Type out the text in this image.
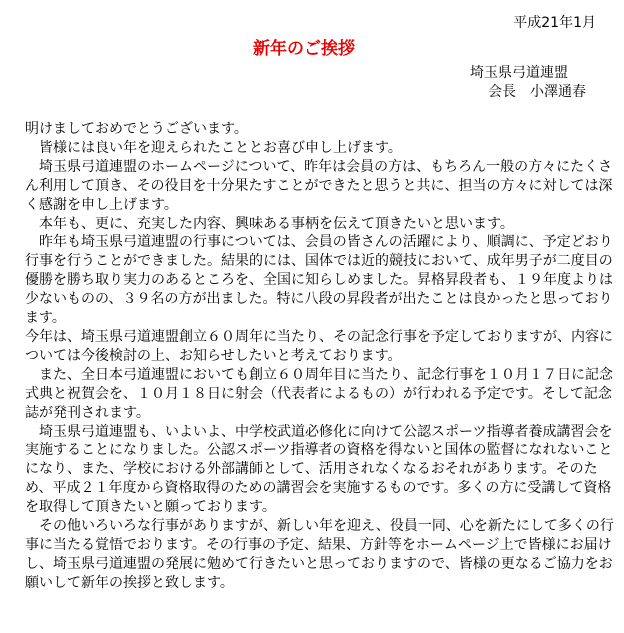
平成21年1月
新年のご挨拶
埼玉県弓道連盟
会長　小澤通春

明けましておめでとうございます。

　皆様には良い年を迎えられたこととお喜び申し上げます。

　埼玉県弓道連盟のホームページについて、昨年は会員の方は、もちろん一般の方々にたくさん利用して頂き、その役目を十分果たすことができたと思うと共に、担当の方々に対しては深く感謝を申し上げます。

　本年も、更に、充実した内容、興味ある事柄を伝えて頂きたいと思います。

　昨年も埼玉県弓道連盟の行事については、会員の皆さんの活躍により、順調に、予定どおり行事を行うことができました。結果的には、国体では近的競技において、成年男子が二度目の優勝を勝ち取り実力のあるところを、全国に知らしめました。昇格昇段者も、１９年度よりは少ないものの、３９名の方が出ました。特に八段の昇段者が出たことは良かったと思っております。

今年は、埼玉県弓道連盟創立６０周年に当たり、その記念行事を予定しておりますが、内容については今後検討の上、お知らせしたいと考えております。

　また、全日本弓道連盟においても創立６０周年目に当たり、記念行事を１０月１７日に記念式典と祝賀会を、１０月１８日に射会（代表者によるもの）が行われる予定です。そして記念誌が発刊されます。

　埼玉県弓道連盟も、いよいよ、中学校武道必修化に向けて公認スポーツ指導者養成講習会を実施することになりました。公認スポーツ指導者の資格を得ないと国体の監督になれないことになり、また、学校における外部講師として、活用されなくなるおそれがあります。そのため、平成２１年度から資格取得のための講習会を実施するものです。多くの方に受講して資格を取得して頂きたいと願っております。

　その他いろいろな行事がありますが、新しい年を迎え、役員一同、心を新たにして多くの行事に当たる覚悟でおります。その行事の予定、結果、方針等をホームページ上で皆様にお届けし、埼玉県弓道連盟の発展に勉めて行きたいと思っておりますので、皆様の更なるご協力をお願いして新年の挨拶と致します。
